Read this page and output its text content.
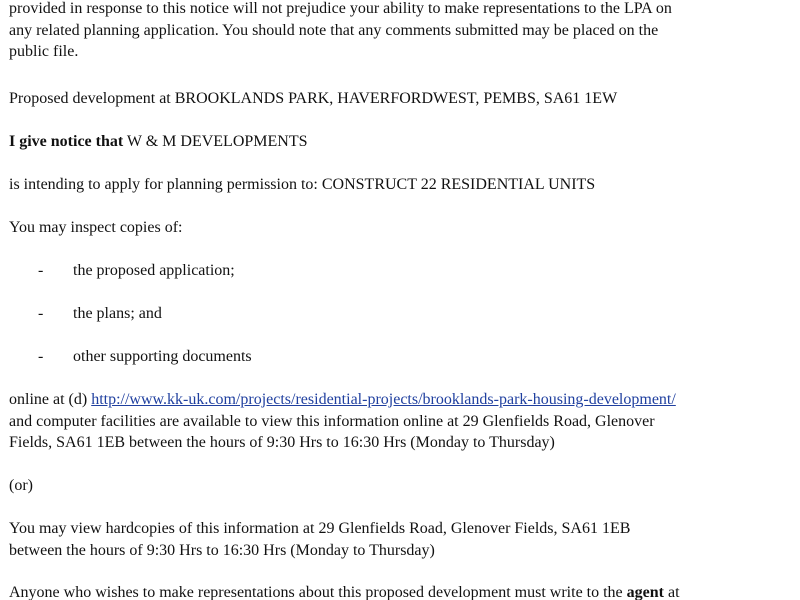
provided in response to this notice will not prejudice your ability to make representations to the LPA on
any related planning application. You should note that any comments submitted may be placed on the
public file.

Proposed development at BROOKLANDS PARK, HAVERFORDWEST, PEMBS, SA61 1EW

I give notice that W & M DEVELOPMENTS

is intending to apply for planning permission to: CONSTRUCT 22 RESIDENTIAL UNITS

You may inspect copies of:

- the proposed application;
- the plans; and
- other supporting documents

online at (d) http://www.kk-uk.com/projects/residential-projects/brooklands-park-housing-development/
and computer facilities are available to view this information online at 29 Glenfields Road, Glenover
Fields, SA61 1EB between the hours of 9:30 Hrs to 16:30 Hrs (Monday to Thursday)

(or)

You may view hardcopies of this information at 29 Glenfields Road, Glenover Fields, SA61 1EB
between the hours of 9:30 Hrs to 16:30 Hrs (Monday to Thursday)

Anyone who wishes to make representations about this proposed development must write to the agent at
